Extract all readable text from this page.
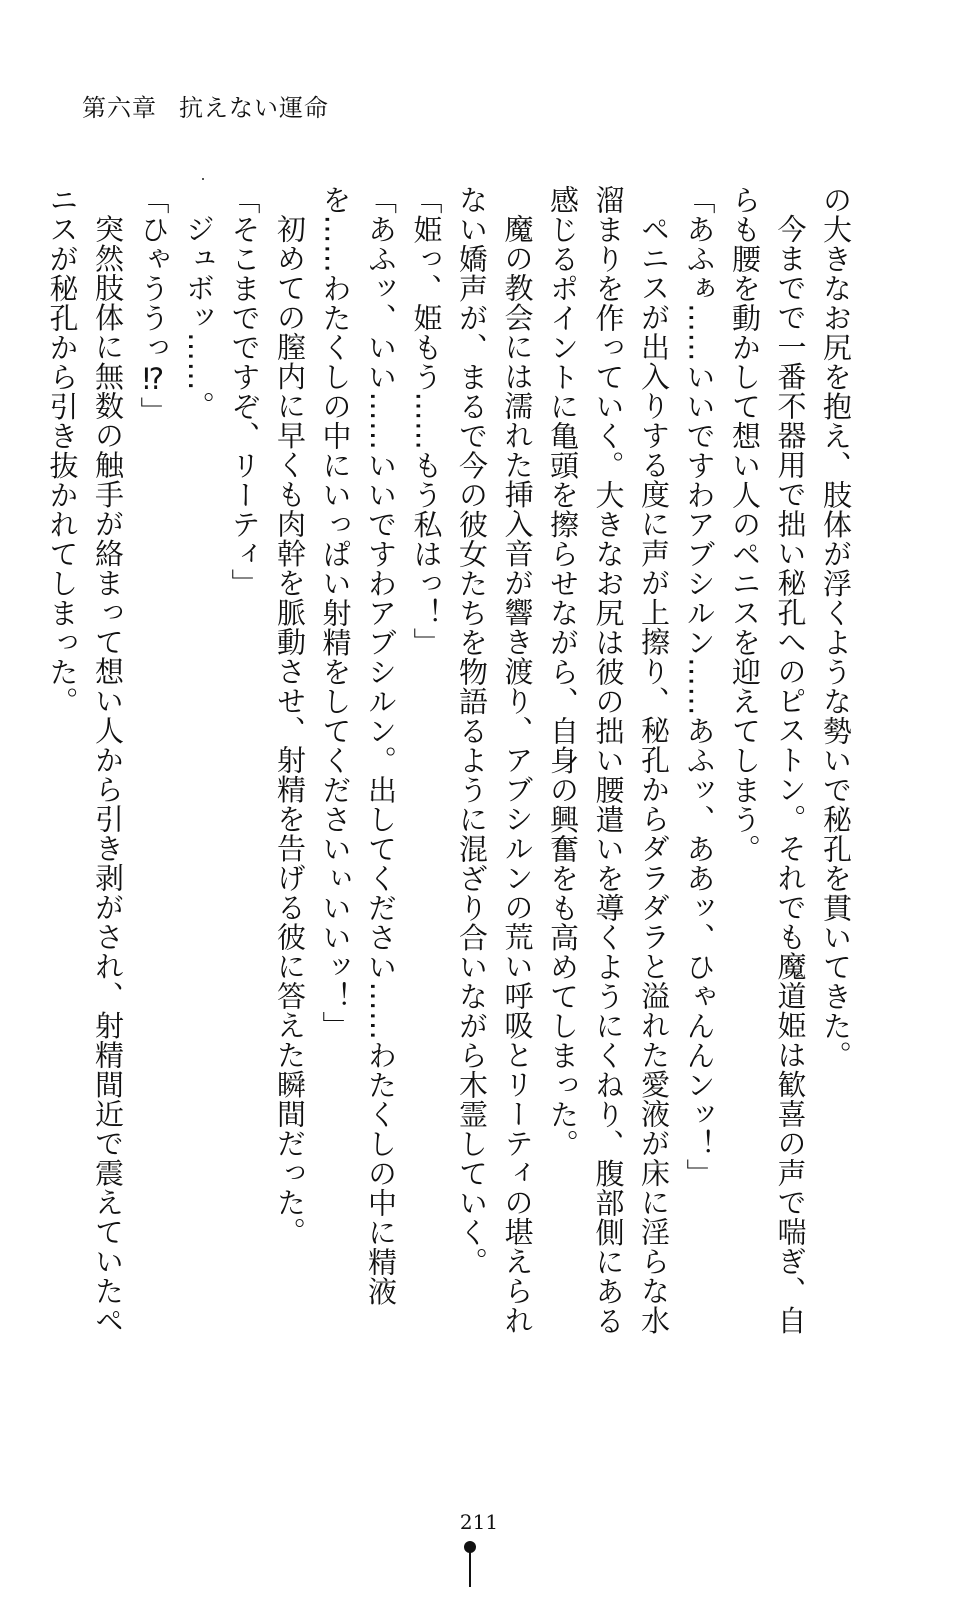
第六章 抗えない運命

の大きなお尻を抱え、肢体が浮くような勢いで秘孔を貫いてきた。

今までで一番不器用で拙い秘孔へのピストン。それでも魔道姫は歓喜の声で喘ぎ、自らも腰を動かして想い人のペニスを迎えてしまう。

「あふぁ……いいですわアブシルン……あふッ、ああッ、ひゃんんンッ！」

ペニスが出入りする度に声が上擦り、秘孔からダラダラと溢れた愛液が床に淫らな水溜まりを作っていく。大きなお尻は彼の拙い腰遣いを導くようにくねり、腹部側にある感じるポイントに亀頭を擦らせながら、自身の興奮をも高めてしまった。

魔の教会には濡れた挿入音が響き渡り、アブシルンの荒い呼吸とリーティの堪えられない嬌声が、まるで今の彼女たちを物語るように混ざり合いながら木霊していく。

「姫っ、姫もう……もう私はっ！」

「あふッ、いい……いいですわアブシルン。出してください……わたくしの中に精液を……わたくしの中にいっぱい射精をしてくださいぃいいッ！」

初めての膣内に早くも肉幹を脈動させ、射精を告げる彼に答えた瞬間だった。

「そこまでですぞ、リーティ」

ジュボッ……。

「ひゃううっ⁉」

突然肢体に無数の触手が絡まって想い人から引き剥がされ、射精間近で震えていたペニスが秘孔から引き抜かれてしまった。

211
